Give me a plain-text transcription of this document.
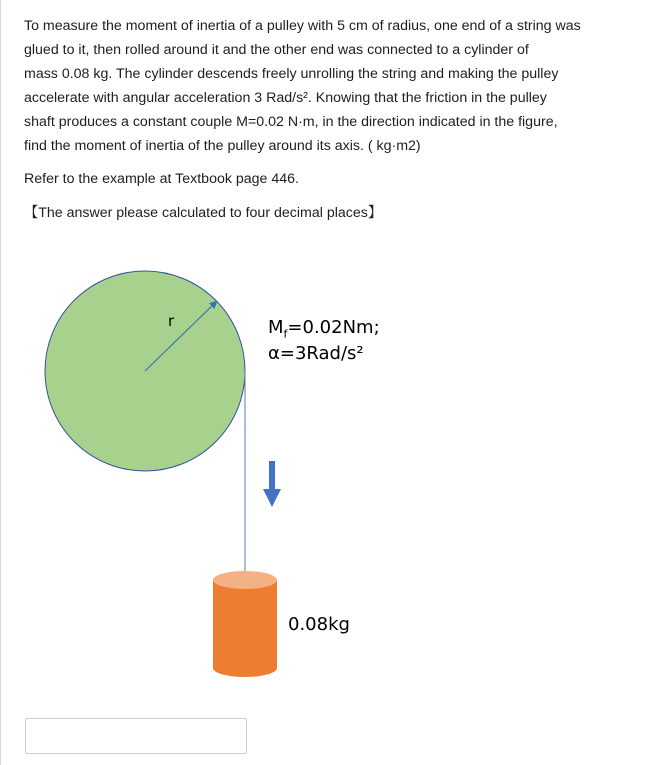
To measure the moment of inertia of a pulley with 5 cm of radius, one end of a string was

glued to it, then rolled around it and the other end was connected to a cylinder of

mass 0.08 kg. The cylinder descends freely unrolling the string and making the pulley

accelerate with angular acceleration 3 Rad/s². Knowing that the friction in the pulley

shaft produces a constant couple M=0.02 N·m, in the direction indicated in the figure,

find the moment of inertia of the pulley around its axis. ( kg·m2)

Refer to the example at Textbook page 446.

【The answer please calculated to four decimal places】

r	$M_f=0.02Nm$;
α=3Rad/s²
0.08kg
